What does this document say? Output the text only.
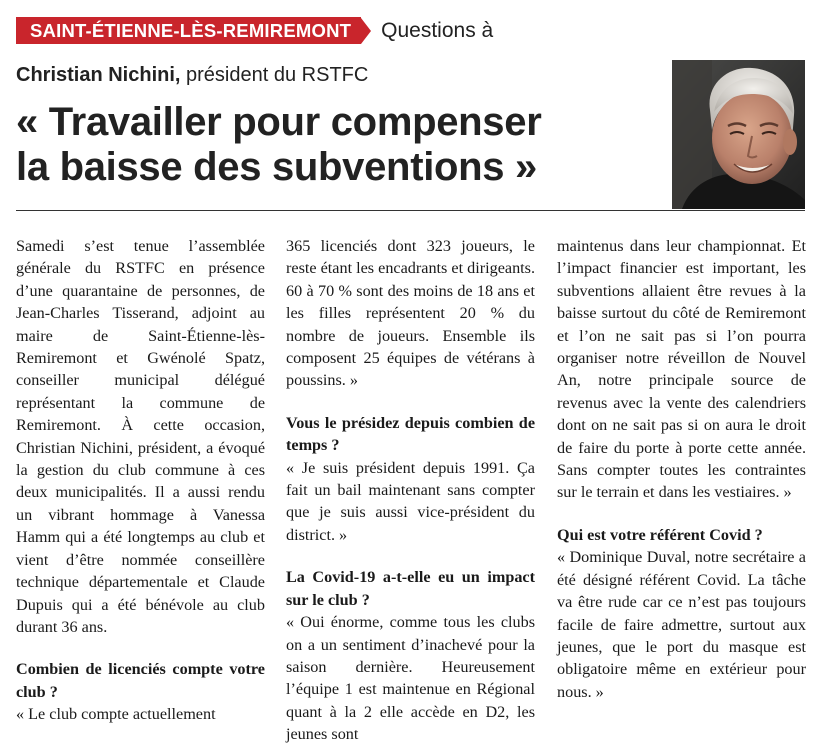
SAINT-ÉTIENNE-LÈS-REMIREMONT	Questions à
Christian Nichini, président du RSTFC
« Travailler pour compenser
la baisse des subventions »

Samedi s’est tenue l’assemblée générale du RSTFC en présence d’une quarantaine de personnes, de Jean-Charles Tisserand, adjoint au maire de Saint-Étienne-lès-Remiremont et Gwénolé Spatz, conseiller municipal délégué représentant la commune de Remiremont. À cette occasion, Christian Nichini, président, a évoqué la gestion du club commune à ces deux municipalités. Il a aussi rendu un vibrant hommage à Vanessa Hamm qui a été longtemps au club et vient d’être nommée conseillère technique départementale et Claude Dupuis qui a été bénévole au club durant 36 ans.

Combien de licenciés compte votre club ?

« Le club compte actuellement

365 licenciés dont 323 joueurs, le reste étant les encadrants et dirigeants. 60 à 70 % sont des moins de 18 ans et les filles représentent 20 % du nombre de joueurs. Ensemble ils composent 25 équipes de vétérans à poussins. »

Vous le présidez depuis combien de temps ?

« Je suis président depuis 1991. Ça fait un bail maintenant sans compter que je suis aussi vice-président du district. »

La Covid-19 a-t-elle eu un impact sur le club ?

« Oui énorme, comme tous les clubs on a un sentiment d’inachevé pour la saison dernière. Heureusement l’équipe 1 est maintenue en Régional quant à la 2 elle accède en D2, les jeunes sont

maintenus dans leur championnat. Et l’impact financier est important, les subventions allaient être revues à la baisse surtout du côté de Remiremont et l’on ne sait pas si l’on pourra organiser notre réveillon de Nouvel An, notre principale source de revenus avec la vente des calendriers dont on ne sait pas si on aura le droit de faire du porte à porte cette année. Sans compter toutes les contraintes sur le terrain et dans les vestiaires. »

Qui est votre référent Covid ?

« Dominique Duval, notre secrétaire a été désigné référent Covid. La tâche va être rude car ce n’est pas toujours facile de faire admettre, surtout aux jeunes, que le port du masque est obligatoire même en extérieur pour nous. »
